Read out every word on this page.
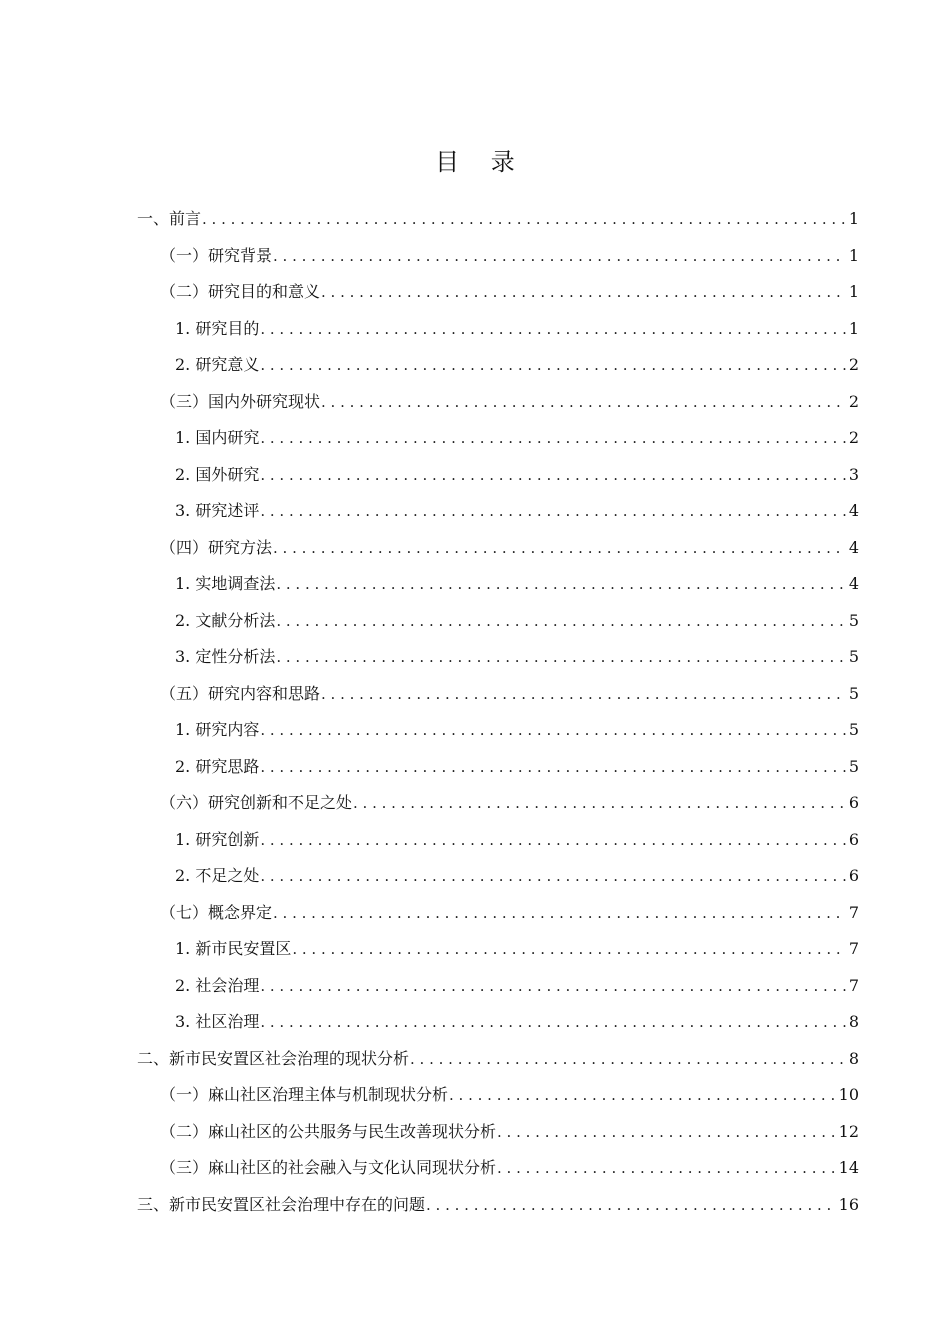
目 录
一、前言 . . .	1
（一）研究背景 . . .	1
（二）研究目的和意义 . . .	1
1. 研究目的 . . .	1
2. 研究意义 . . .	2
（三）国内外研究现状 . . .	2
1. 国内研究 . . .	2
2. 国外研究 . . .	3
3. 研究述评 . . .	4
（四）研究方法 . . .	4
1. 实地调查法 . . .	4
2. 文献分析法 . . .	5
3. 定性分析法 . . .	5
（五）研究内容和思路 . . .	5
1. 研究内容 . . .	5
2. 研究思路 . . .	5
（六）研究创新和不足之处 . . .	6
1. 研究创新 . . .	6
2. 不足之处 . . .	6
（七）概念界定 . . .	7
1. 新市民安置区 . . .	7
2. 社会治理 . . .	7
3. 社区治理 . . .	8
二、新市民安置区社会治理的现状分析 . . .	8
（一）麻山社区治理主体与机制现状分析 . . .	10
（二）麻山社区的公共服务与民生改善现状分析 . . .	12
（三）麻山社区的社会融入与文化认同现状分析 . . .	14
三、新市民安置区社会治理中存在的问题 . . .	16
